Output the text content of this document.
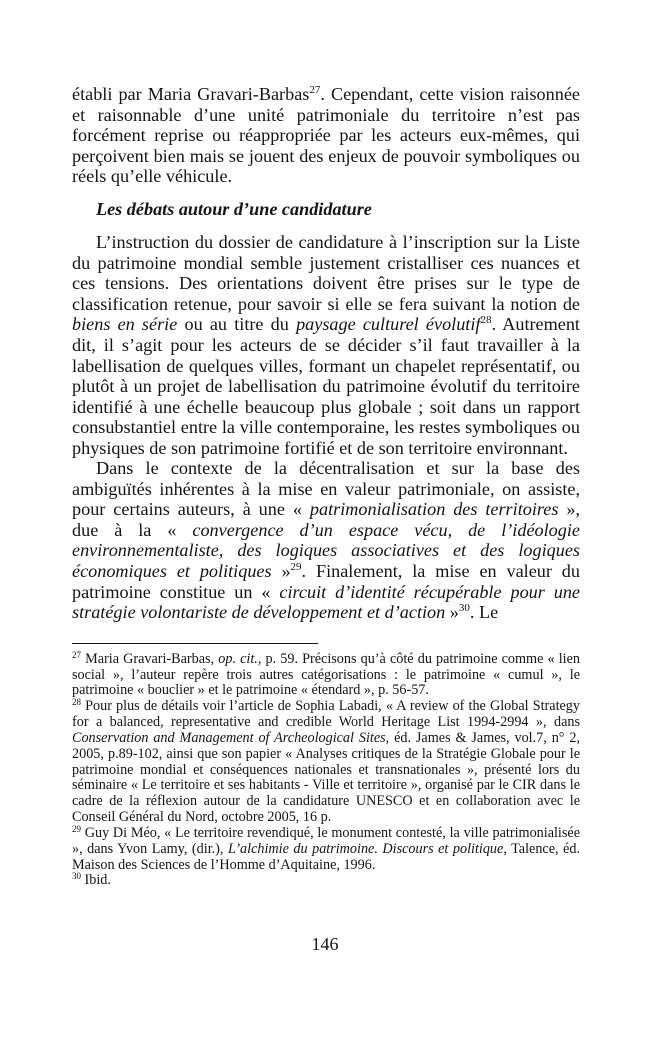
établi par Maria Gravari-Barbas$^{27}$. Cependant, cette vision raisonnée et raisonnable d’une unité patrimoniale du territoire n’est pas forcément reprise ou réappropriée par les acteurs eux-mêmes, qui perçoivent bien mais se jouent des enjeux de pouvoir symboliques ou réels qu’elle véhicule.

Les débats autour d’une candidature

L’instruction du dossier de candidature à l’inscription sur la Liste du patrimoine mondial semble justement cristalliser ces nuances et ces tensions. Des orientations doivent être prises sur le type de classification retenue, pour savoir si elle se fera suivant la notion de biens en série ou au titre du paysage culturel évolutif$^{28}$. Autrement dit, il s’agit pour les acteurs de se décider s’il faut travailler à la labellisation de quelques villes, formant un chapelet représentatif, ou plutôt à un projet de labellisation du patrimoine évolutif du territoire identifié à une échelle beaucoup plus globale ; soit dans un rapport consubstantiel entre la ville contemporaine, les restes symboliques ou physiques de son patrimoine fortifié et de son territoire environnant.

Dans le contexte de la décentralisation et sur la base des ambiguïtés inhérentes à la mise en valeur patrimoniale, on assiste, pour certains auteurs, à une « patrimonialisation des territoires », due à la « convergence d’un espace vécu, de l’idéologie environnementaliste, des logiques associatives et des logiques économiques et politiques »$^{29}$. Finalement, la mise en valeur du patrimoine constitue un « circuit d’identité récupérable pour une stratégie volontariste de développement et d’action »$^{30}$. Le

$^{27}$ Maria Gravari-Barbas, op. cit., p. 59. Précisons qu’à côté du patrimoine comme « lien social », l’auteur repère trois autres catégorisations : le patrimoine « cumul », le patrimoine « bouclier » et le patrimoine « étendard », p. 56-57.

$^{28}$ Pour plus de détails voir l’article de Sophia Labadi, « A review of the Global Strategy for a balanced, representative and credible World Heritage List 1994-2994 », dans Conservation and Management of Archeological Sites, éd. James & James, vol.7, n° 2, 2005, p.89-102, ainsi que son papier « Analyses critiques de la Stratégie Globale pour le patrimoine mondial et conséquences nationales et transnationales », présenté lors du séminaire « Le territoire et ses habitants - Ville et territoire », organisé par le CIR dans le cadre de la réflexion autour de la candidature UNESCO et en collaboration avec le Conseil Général du Nord, octobre 2005, 16 p.

$^{29}$ Guy Di Méo, « Le territoire revendiqué, le monument contesté, la ville patrimonialisée », dans Yvon Lamy, (dir.), L’alchimie du patrimoine. Discours et politique, Talence, éd. Maison des Sciences de l’Homme d’Aquitaine, 1996.

$^{30}$ Ibid.

146
